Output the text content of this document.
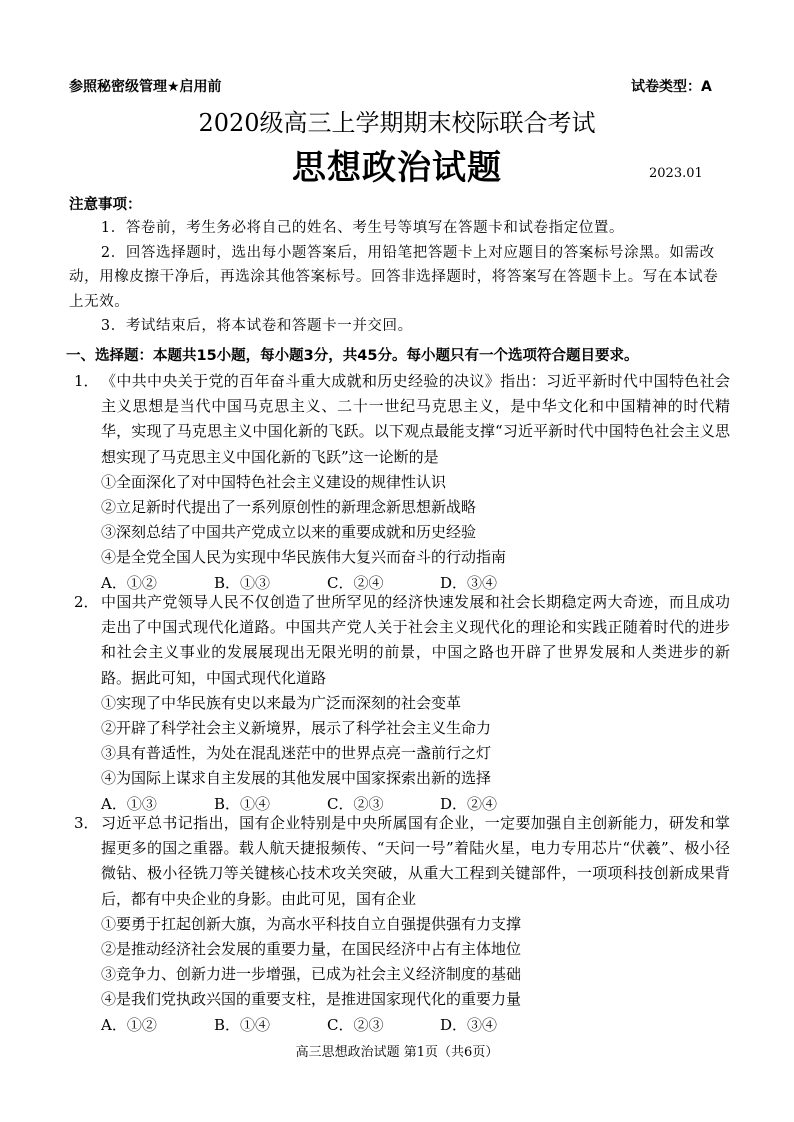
参照秘密级管理★启用前	试卷类型：A
2020级高三上学期期末校际联合考试
思想政治试题	2023.01
注意事项：

1．答卷前，考生务必将自己的姓名、考生号等填写在答题卡和试卷指定位置。

2．回答选择题时，选出每小题答案后，用铅笔把答题卡上对应题目的答案标号涂黑。如需改动，用橡皮擦干净后，再选涂其他答案标号。回答非选择题时，将答案写在答题卡上。写在本试卷上无效。

3．考试结束后，将本试卷和答题卡一并交回。

一、选择题：本题共15小题，每小题3分，共45分。每小题只有一个选项符合题目要求。
1． 《中共中央关于党的百年奋斗重大成就和历史经验的决议》指出：习近平新时代中国特色社会主义思想是当代中国马克思主义、二十一世纪马克思主义，是中华文化和中国精神的时代精华，实现了马克思主义中国化新的飞跃。以下观点最能支撑“习近平新时代中国特色社会主义思想实现了马克思主义中国化新的飞跃”这一论断的是
①全面深化了对中国特色社会主义建设的规律性认识
②立足新时代提出了一系列原创性的新理念新思想新战略
③深刻总结了中国共产党成立以来的重要成就和历史经验
④是全党全国人民为实现中华民族伟大复兴而奋斗的行动指南
A．①②	B．①③	C．②④	D．③④
2． 中国共产党领导人民不仅创造了世所罕见的经济快速发展和社会长期稳定两大奇迹，而且成功走出了中国式现代化道路。中国共产党人关于社会主义现代化的理论和实践正随着时代的进步和社会主义事业的发展展现出无限光明的前景，中国之路也开辟了世界发展和人类进步的新路。据此可知，中国式现代化道路
①实现了中华民族有史以来最为广泛而深刻的社会变革
②开辟了科学社会主义新境界，展示了科学社会主义生命力
③具有普适性，为处在混乱迷茫中的世界点亮一盏前行之灯
④为国际上谋求自主发展的其他发展中国家探索出新的选择
A．①③	B．①④	C．②③	D．②④
3． 习近平总书记指出，国有企业特别是中央所属国有企业，一定要加强自主创新能力，研发和掌握更多的国之重器。载人航天捷报频传、“天问一号”着陆火星，电力专用芯片“伏羲”、极小径微钻、极小径铣刀等关键核心技术攻关突破，从重大工程到关键部件，一项项科技创新成果背后，都有中央企业的身影。由此可见，国有企业
①要勇于扛起创新大旗，为高水平科技自立自强提供强有力支撑
②是推动经济社会发展的重要力量，在国民经济中占有主体地位
③竞争力、创新力进一步增强，已成为社会主义经济制度的基础
④是我们党执政兴国的重要支柱，是推进国家现代化的重要力量
A．①②	B．①④	C．②③	D．③④
高三思想政治试题 第1页（共6页）
